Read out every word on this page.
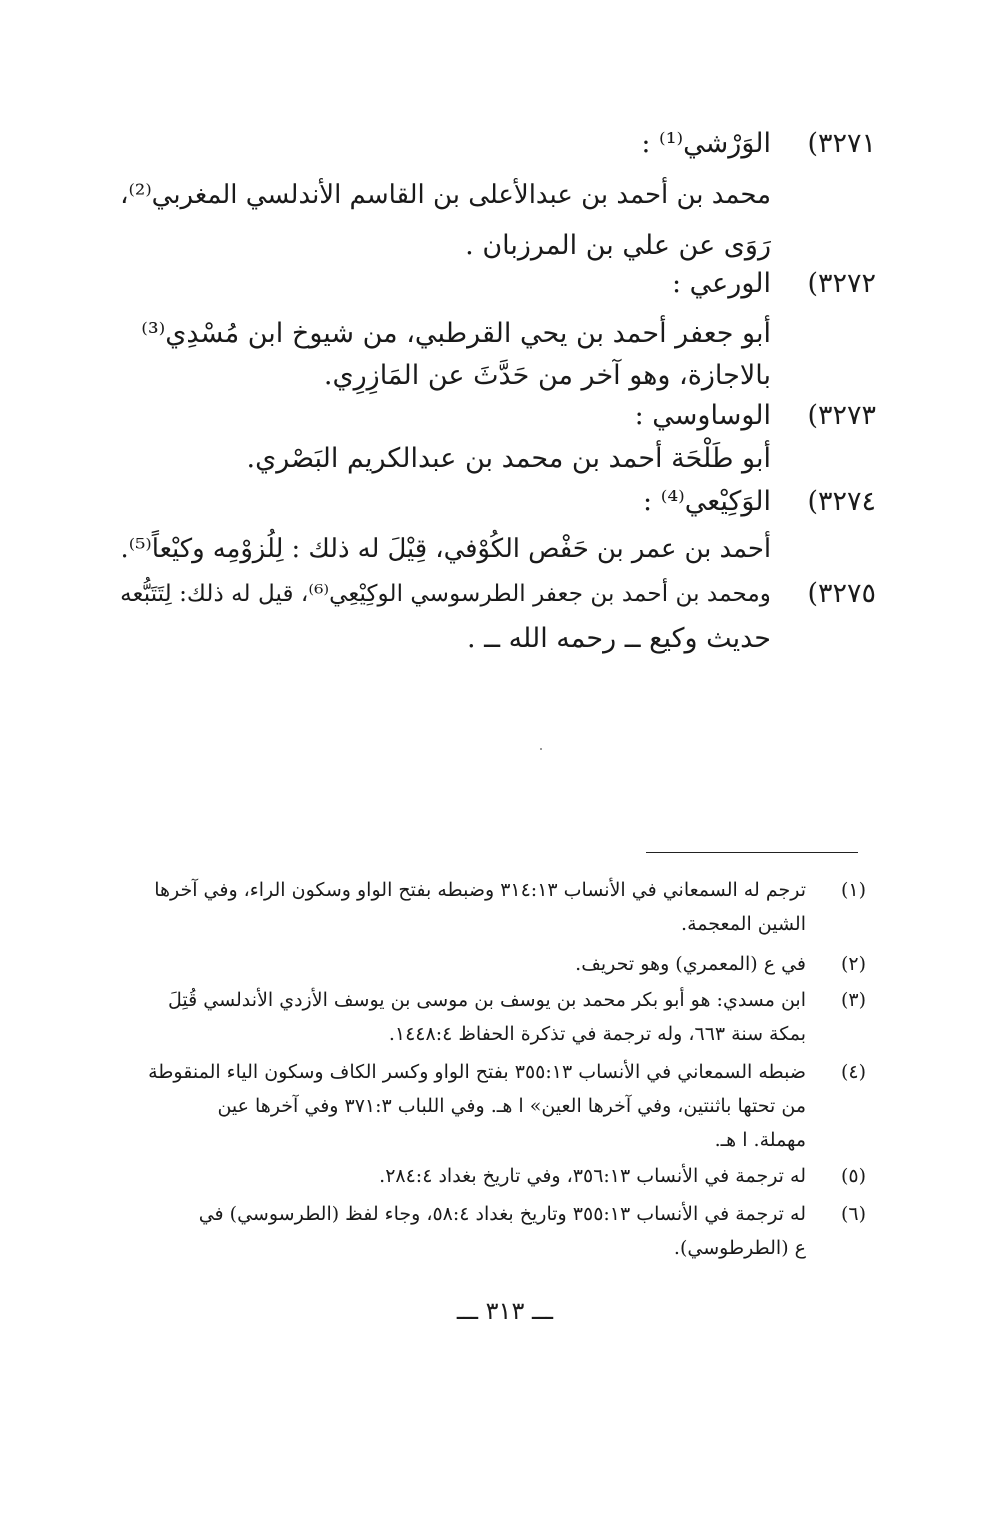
٣٢٧١)
الوَرْشي⁽¹⁾ :
محمد بن أحمد بن عبدالأعلى بن القاسم الأندلسي المغربي⁽²⁾،
رَوَى عن علي بن المرزبان .
٣٢٧٢)
الورعي :
أبو جعفر أحمد بن يحي القرطبي، من شيوخ ابن مُسْدِي⁽³⁾
بالاجازة، وهو آخر من حَدَّثَ عن المَازِرِي.
٣٢٧٣)
الوساوسي :
أبو طَلْحَة أحمد بن محمد بن عبدالكريم البَصْري.
٣٢٧٤)
الوَكِيْعي⁽⁴⁾ :
أحمد بن عمر بن حَفْص الكُوْفي، قِيْلَ له ذلك : لِلُزوْمِه وكيْعاً⁽⁵⁾.
٣٢٧٥)
ومحمد بن أحمد بن جعفر الطرسوسي الوكِيْعِي⁽⁶⁾، قيل له ذلك: لِتَتَبُّعه
حديث وكيع ــ رحمه الله ــ .
(١)
ترجم له السمعاني في الأنساب ٣١٤:١٣ وضبطه بفتح الواو وسكون الراء، وفي آخرها
الشين المعجمة.
(٢)
في ع (المعمري) وهو تحريف.
(٣)
ابن مسدي: هو أبو بكر محمد بن يوسف بن موسى بن يوسف الأزدي الأندلسي قُتِلَ
بمكة سنة ٦٦٣، وله ترجمة في تذكرة الحفاظ ١٤٤٨:٤.
(٤)
ضبطه السمعاني في الأنساب ٣٥٥:١٣ بفتح الواو وكسر الكاف وسكون الياء المنقوطة
من تحتها باثنتين، وفي آخرها العين» ا هـ. وفي اللباب ٣٧١:٣ وفي آخرها عين
مهملة. ا هـ.
(٥)
له ترجمة في الأنساب ٣٥٦:١٣، وفي تاريخ بغداد ٢٨٤:٤.
(٦)
له ترجمة في الأنساب ٣٥٥:١٣ وتاريخ بغداد ٥٨:٤، وجاء لفظ (الطرسوسي) في
ع (الطرطوسي).
ـــ ٣١٣ ـــ
